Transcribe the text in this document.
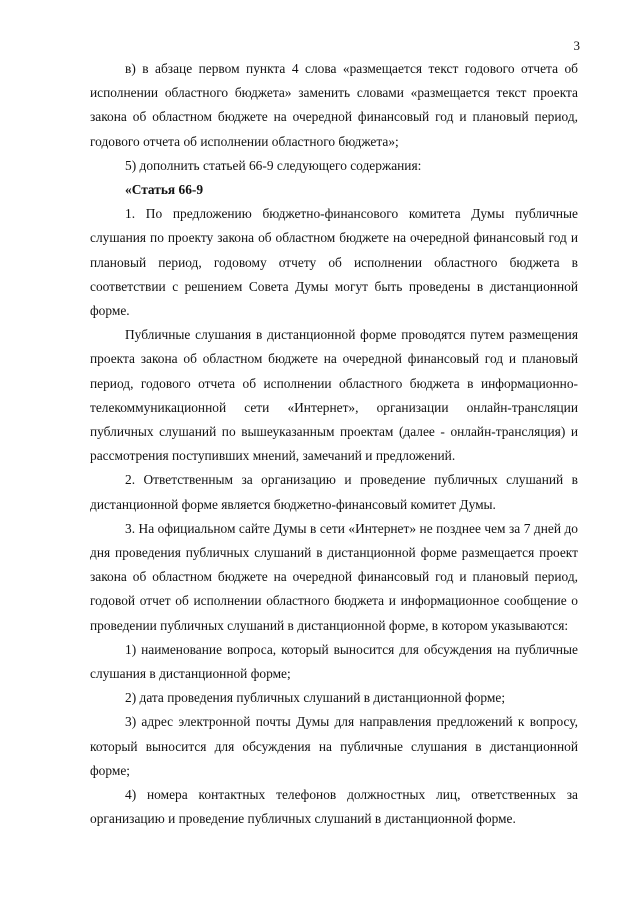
3

в) в абзаце первом пункта 4 слова «размещается текст годового отчета об исполнении областного бюджета» заменить словами «размещается текст проекта закона об областном бюджете на очередной финансовый год и плановый период, годового отчета об исполнении областного бюджета»;

5) дополнить статьей 66-9 следующего содержания:

«Статья 66-9

1. По предложению бюджетно-финансового комитета Думы публичные слушания по проекту закона об областном бюджете на очередной финансовый год и плановый период, годовому отчету об исполнении областного бюджета в соответствии с решением Совета Думы могут быть проведены в дистанционной форме.

Публичные слушания в дистанционной форме проводятся путем размещения проекта закона об областном бюджете на очередной финансовый год и плановый период, годового отчета об исполнении областного бюджета в информационно-телекоммуникационной сети «Интернет», организации онлайн-трансляции публичных слушаний по вышеуказанным проектам (далее - онлайн-трансляция) и рассмотрения поступивших мнений, замечаний и предложений.

2. Ответственным за организацию и проведение публичных слушаний в дистанционной форме является бюджетно-финансовый комитет Думы.

3. На официальном сайте Думы в сети «Интернет» не позднее чем за 7 дней до дня проведения публичных слушаний в дистанционной форме размещается проект закона об областном бюджете на очередной финансовый год и плановый период, годовой отчет об исполнении областного бюджета и информационное сообщение о проведении публичных слушаний в дистанционной форме, в котором указываются:

1) наименование вопроса, который выносится для обсуждения на публичные слушания в дистанционной форме;

2) дата проведения публичных слушаний в дистанционной форме;

3) адрес электронной почты Думы для направления предложений к вопросу, который выносится для обсуждения на публичные слушания в дистанционной форме;

4) номера контактных телефонов должностных лиц, ответственных за организацию и проведение публичных слушаний в дистанционной форме.
